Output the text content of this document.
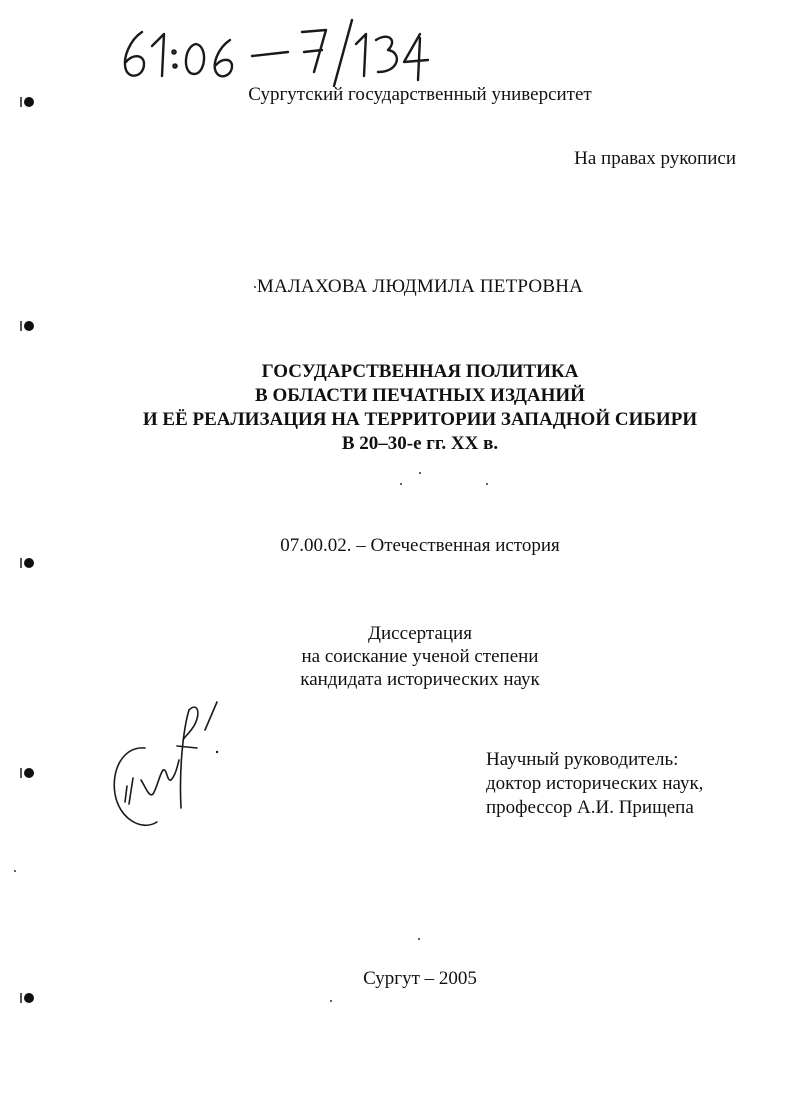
Сургутский государственный университет
На правах рукописи
МАЛАХОВА ЛЮДМИЛА ПЕТРОВНА
ГОСУДАРСТВЕННАЯ ПОЛИТИКА
В ОБЛАСТИ ПЕЧАТНЫХ ИЗДАНИЙ
И ЕЁ РЕАЛИЗАЦИЯ НА ТЕРРИТОРИИ ЗАПАДНОЙ СИБИРИ
В 20–30-е гг. XX в.
07.00.02. – Отечественная история
Диссертация
на соискание ученой степени
кандидата исторических наук
Научный руководитель:
доктор исторических наук,
профессор А.И. Прищепа
Сургут – 2005
